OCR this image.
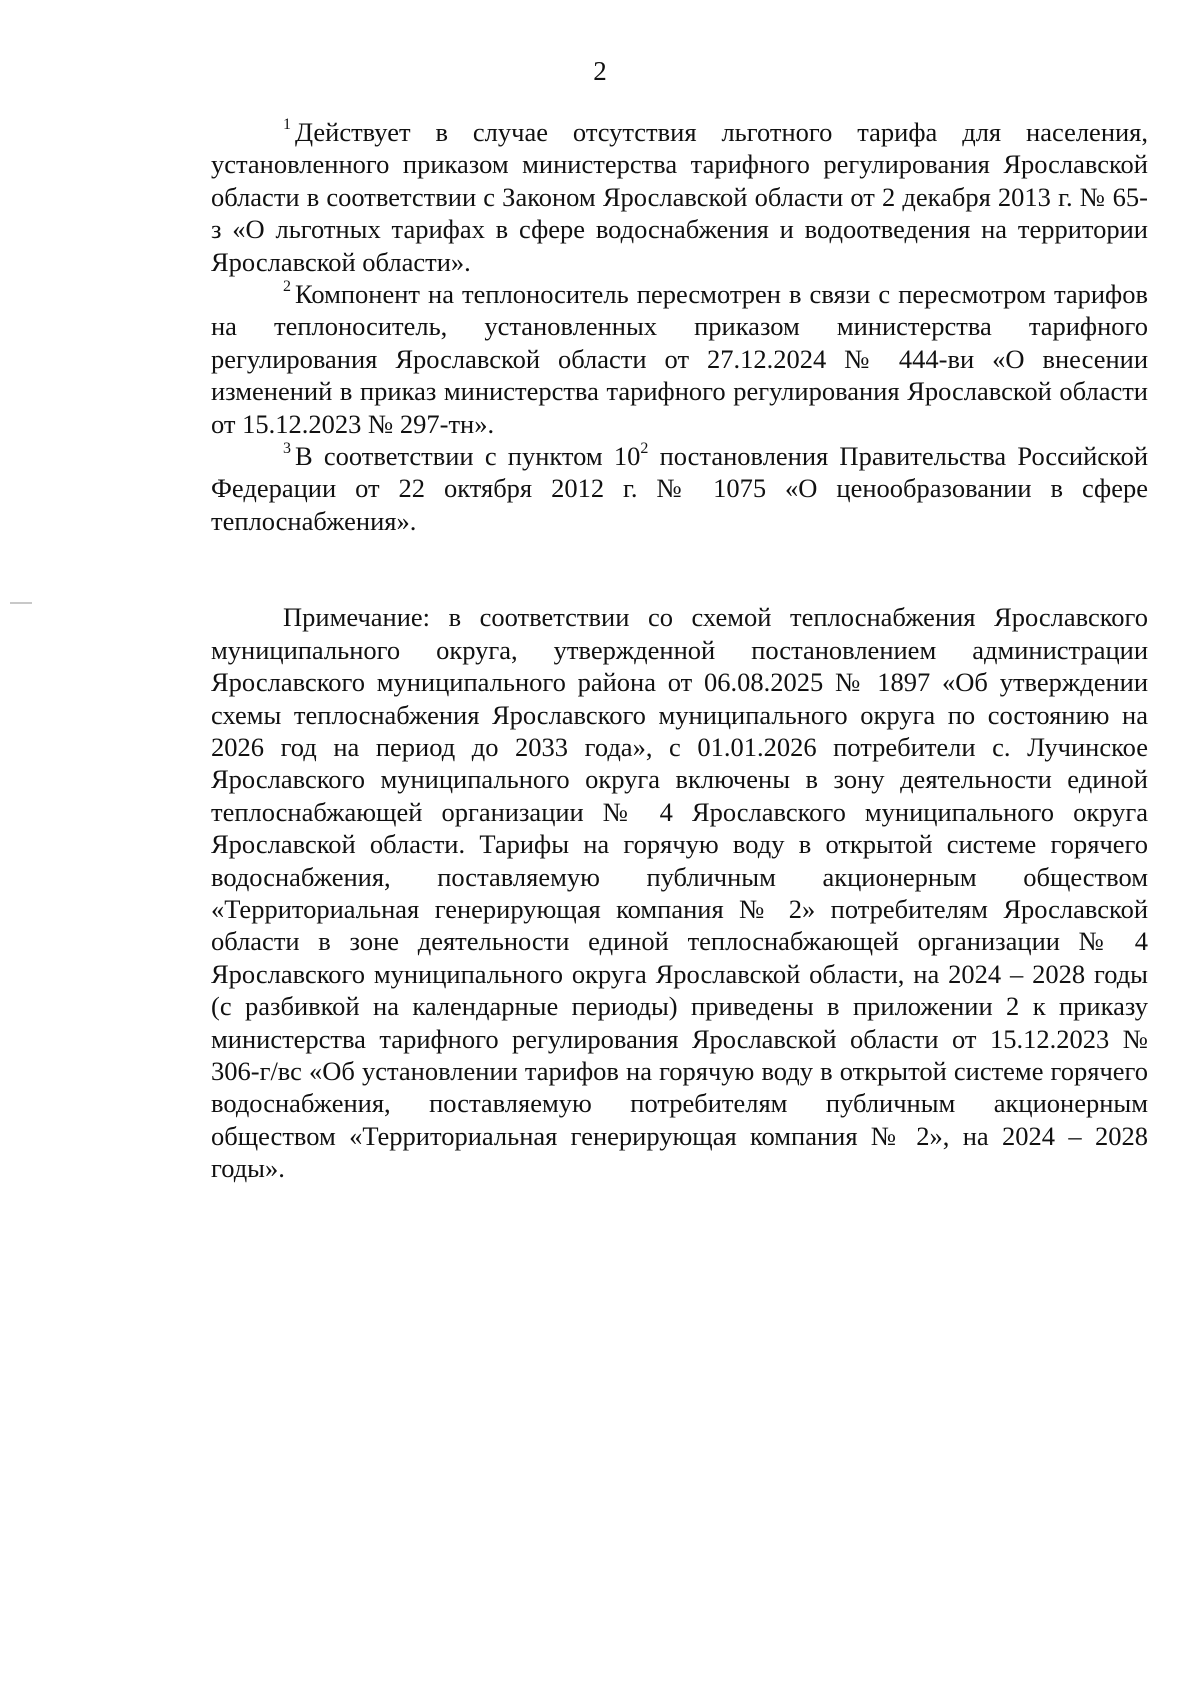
2

$^1$ Действует в случае отсутствия льготного тарифа для населения, установленного приказом министерства тарифного регулирования Ярославской области в соответствии с Законом Ярославской области от 2 декабря 2013 г. № 65-з «О льготных тарифах в сфере водоснабжения и водоотведения на территории Ярославской области».

$^2$ Компонент на теплоноситель пересмотрен в связи с пересмотром тарифов на теплоноситель, установленных приказом министерства тарифного регулирования Ярославской области от 27.12.2024 № 444-ви «О внесении изменений в приказ министерства тарифного регулирования Ярославской области от 15.12.2023 № 297-тн».

$^3$ В соответствии с пунктом $10^2$ постановления Правительства Российской Федерации от 22 октября 2012 г. № 1075 «О ценообразовании в сфере теплоснабжения».

Примечание: в соответствии со схемой теплоснабжения Ярославского муниципального округа, утвержденной постановлением администрации Ярославского муниципального района от 06.08.2025 № 1897 «Об утверждении схемы теплоснабжения Ярославского муниципального округа по состоянию на 2026 год на период до 2033 года», с 01.01.2026 потребители с. Лучинское Ярославского муниципального округа включены в зону деятельности единой теплоснабжающей организации № 4 Ярославского муниципального округа Ярославской области. Тарифы на горячую воду в открытой системе горячего водоснабжения, поставляемую публичным акционерным обществом «Территориальная генерирующая компания № 2» потребителям Ярославской области в зоне деятельности единой теплоснабжающей организации № 4 Ярославского муниципального округа Ярославской области, на 2024 – 2028 годы (с разбивкой на календарные периоды) приведены в приложении 2 к приказу министерства тарифного регулирования Ярославской области от 15.12.2023 № 306-г/вс «Об установлении тарифов на горячую воду в открытой системе горячего водоснабжения, поставляемую потребителям публичным акционерным обществом «Территориальная генерирующая компания № 2», на 2024 – 2028 годы».
